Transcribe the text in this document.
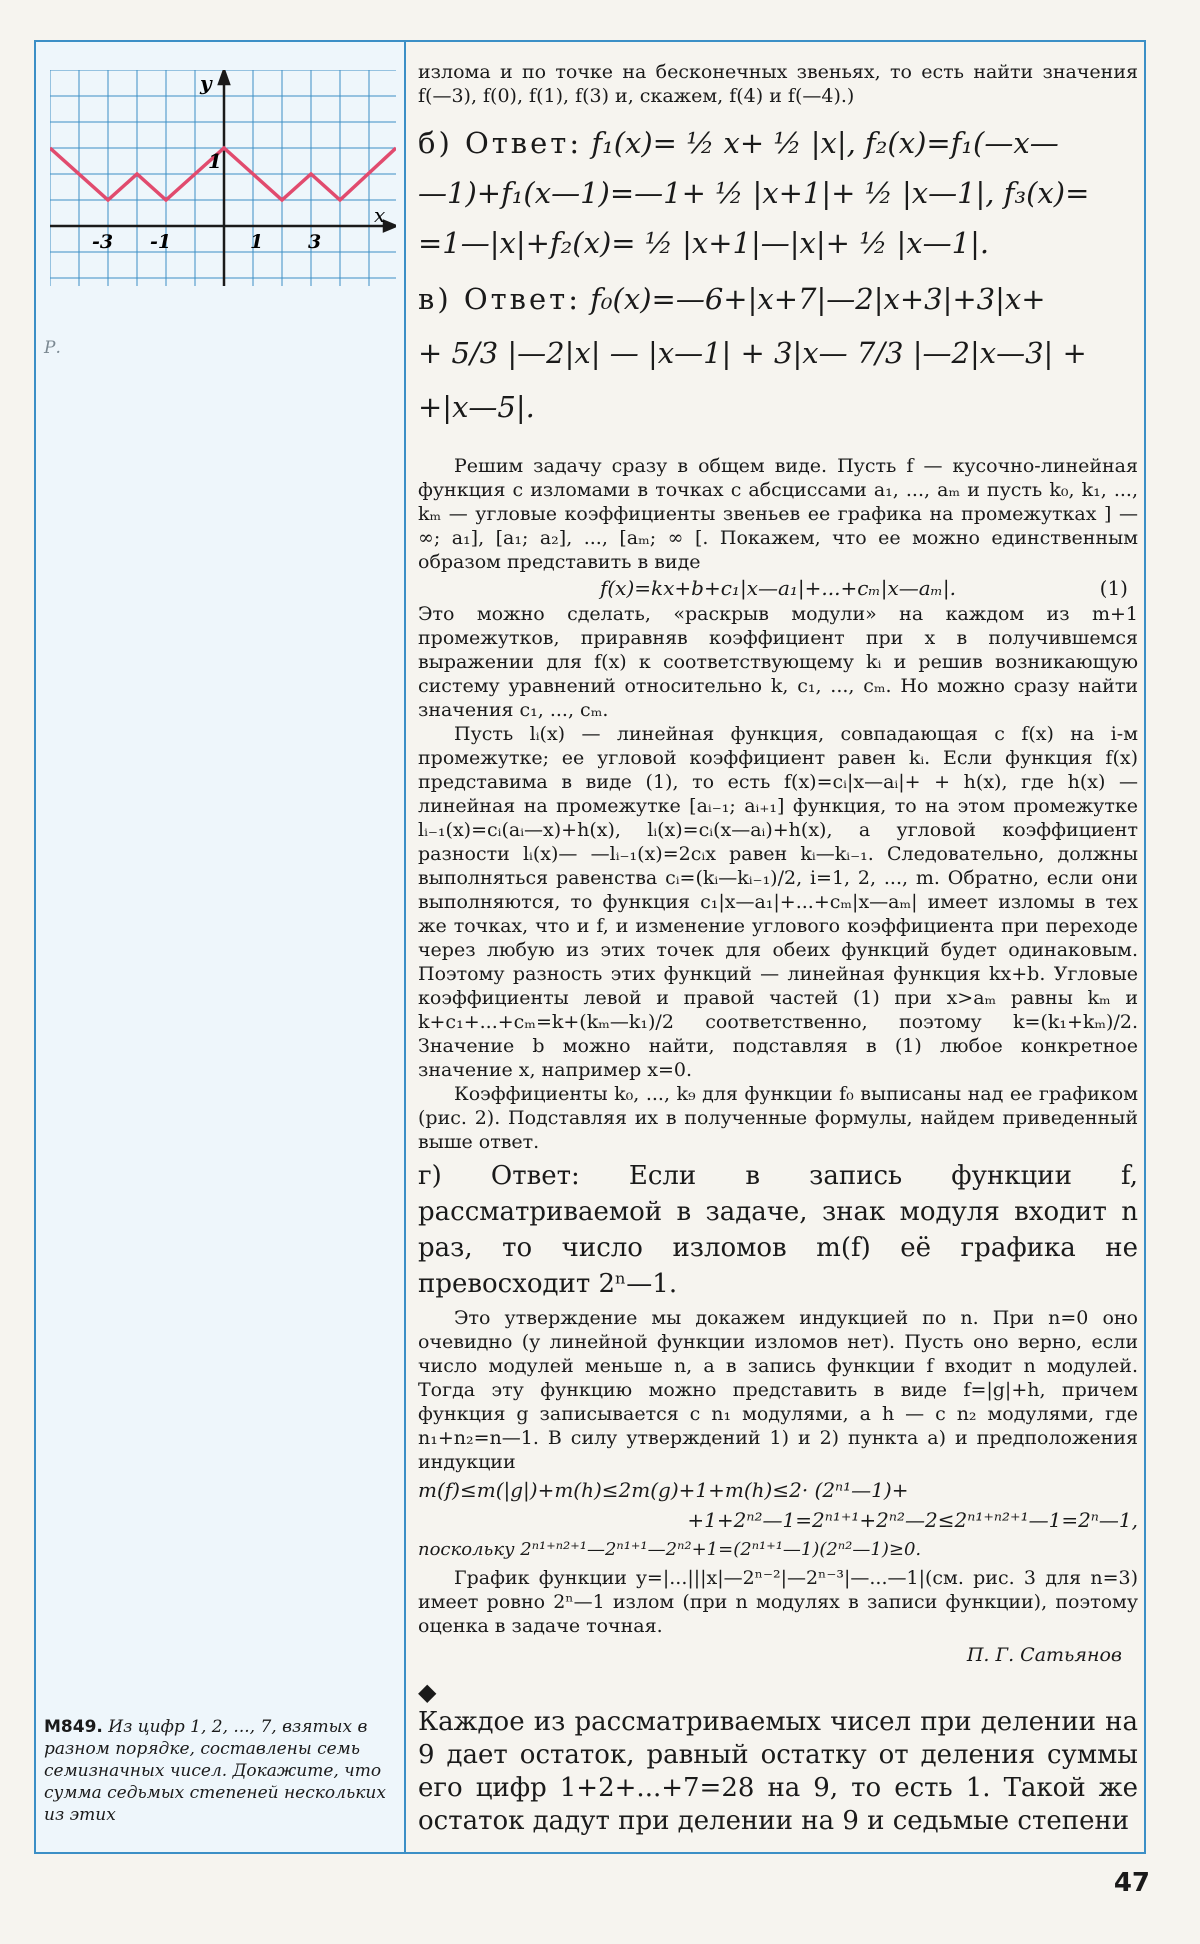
y
x
1
-3 -1	1 3
Р.

излома и по точке на бесконечных звеньях, то есть найти значения f(—3), f(0), f(1), f(3) и, скажем, f(4) и f(—4).)

б) Ответ: f₁(x)= ½ x+ ½ |x|, f₂(x)=f₁(—x—

—1)+f₁(x—1)=—1+ ½ |x+1|+ ½ |x—1|, f₃(x)=

=1—|x|+f₂(x)= ½ |x+1|—|x|+ ½ |x—1|.

в) Ответ: f₀(x)=—6+|x+7|—2|x+3|+3|x+

+ 5/3 |—2|x| — |x—1| + 3|x— 7/3 |—2|x—3| +

+|x—5|.

Решим задачу сразу в общем виде. Пусть f — кусочно-линейная функция с изломами в точках с абсциссами a₁, ..., aₘ и пусть k₀, k₁, ..., kₘ — угловые коэффициенты звеньев ее графика на промежутках ] — ∞; a₁], [a₁; a₂], ..., [aₘ; ∞ [. Покажем, что ее можно единственным образом представить в виде

f(x)=kx+b+c₁|x—a₁|+...+cₘ|x—aₘ|.	(1)

Это можно сделать, «раскрыв модули» на каждом из m+1 промежутков, приравняв коэффициент при x в получившемся выражении для f(x) к соответствующему kᵢ и решив возникающую систему уравнений относительно k, c₁, ..., cₘ. Но можно сразу найти значения c₁, ..., cₘ.

Пусть lᵢ(x) — линейная функция, совпадающая с f(x) на i-м промежутке; ее угловой коэффициент равен kᵢ. Если функция f(x) представима в виде (1), то есть f(x)=cᵢ|x—aᵢ|+ + h(x), где h(x) — линейная на промежутке [aᵢ₋₁; aᵢ₊₁] функция, то на этом промежутке lᵢ₋₁(x)=cᵢ(aᵢ—x)+h(x), lᵢ(x)=cᵢ(x—aᵢ)+h(x), а угловой коэффициент разности lᵢ(x)— —lᵢ₋₁(x)=2cᵢx равен kᵢ—kᵢ₋₁. Следовательно, должны выполняться равенства cᵢ=(kᵢ—kᵢ₋₁)/2, i=1, 2, ..., m. Обратно, если они выполняются, то функция c₁|x—a₁|+...+cₘ|x—aₘ| имеет изломы в тех же точках, что и f, и изменение углового коэффициента при переходе через любую из этих точек для обеих функций будет одинаковым. Поэтому разность этих функций — линейная функция kx+b. Угловые коэффициенты левой и правой частей (1) при x>aₘ равны kₘ и k+c₁+...+cₘ=k+(kₘ—k₁)/2 соответственно, поэтому k=(k₁+kₘ)/2. Значение b можно найти, подставляя в (1) любое конкретное значение x, например x=0.

Коэффициенты k₀, ..., k₉ для функции f₀ выписаны над ее графиком (рис. 2). Подставляя их в полученные формулы, найдем приведенный выше ответ.

г) Ответ: Если в запись функции f, рассматриваемой в задаче, знак модуля входит n раз, то число изломов m(f) её графика не превосходит 2ⁿ—1.

Это утверждение мы докажем индукцией по n. При n=0 оно очевидно (у линейной функции изломов нет). Пусть оно верно, если число модулей меньше n, а в запись функции f входит n модулей. Тогда эту функцию можно представить в виде f=|g|+h, причем функция g записывается с n₁ модулями, а h — с n₂ модулями, где n₁+n₂=n—1. В силу утверждений 1) и 2) пункта а) и предположения индукции

m(f)≤m(|g|)+m(h)≤2m(g)+1+m(h)≤2· (2ⁿ¹—1)+

+1+2ⁿ²—1=2ⁿ¹⁺¹+2ⁿ²—2≤2ⁿ¹⁺ⁿ²⁺¹—1=2ⁿ—1,

поскольку 2ⁿ¹⁺ⁿ²⁺¹—2ⁿ¹⁺¹—2ⁿ²+1=(2ⁿ¹⁺¹—1)(2ⁿ²—1)≥0.

График функции y=|...|||x|—2ⁿ⁻²|—2ⁿ⁻³|—...—1|(см. рис. 3 для n=3) имеет ровно 2ⁿ—1 излом (при n модулях в записи функции), поэтому оценка в задаче точная.

П. Г. Сатьянов

◆

Каждое из рассматриваемых чисел при делении на 9 дает остаток, равный остатку от деления суммы его цифр 1+2+...+7=28 на 9, то есть 1. Такой же остаток дадут при делении на 9 и седьмые степени

M849. Из цифр 1, 2, ..., 7, взятых в разном порядке, составлены семь семизначных чисел. Докажите, что сумма седьмых степеней нескольких из этих
47
